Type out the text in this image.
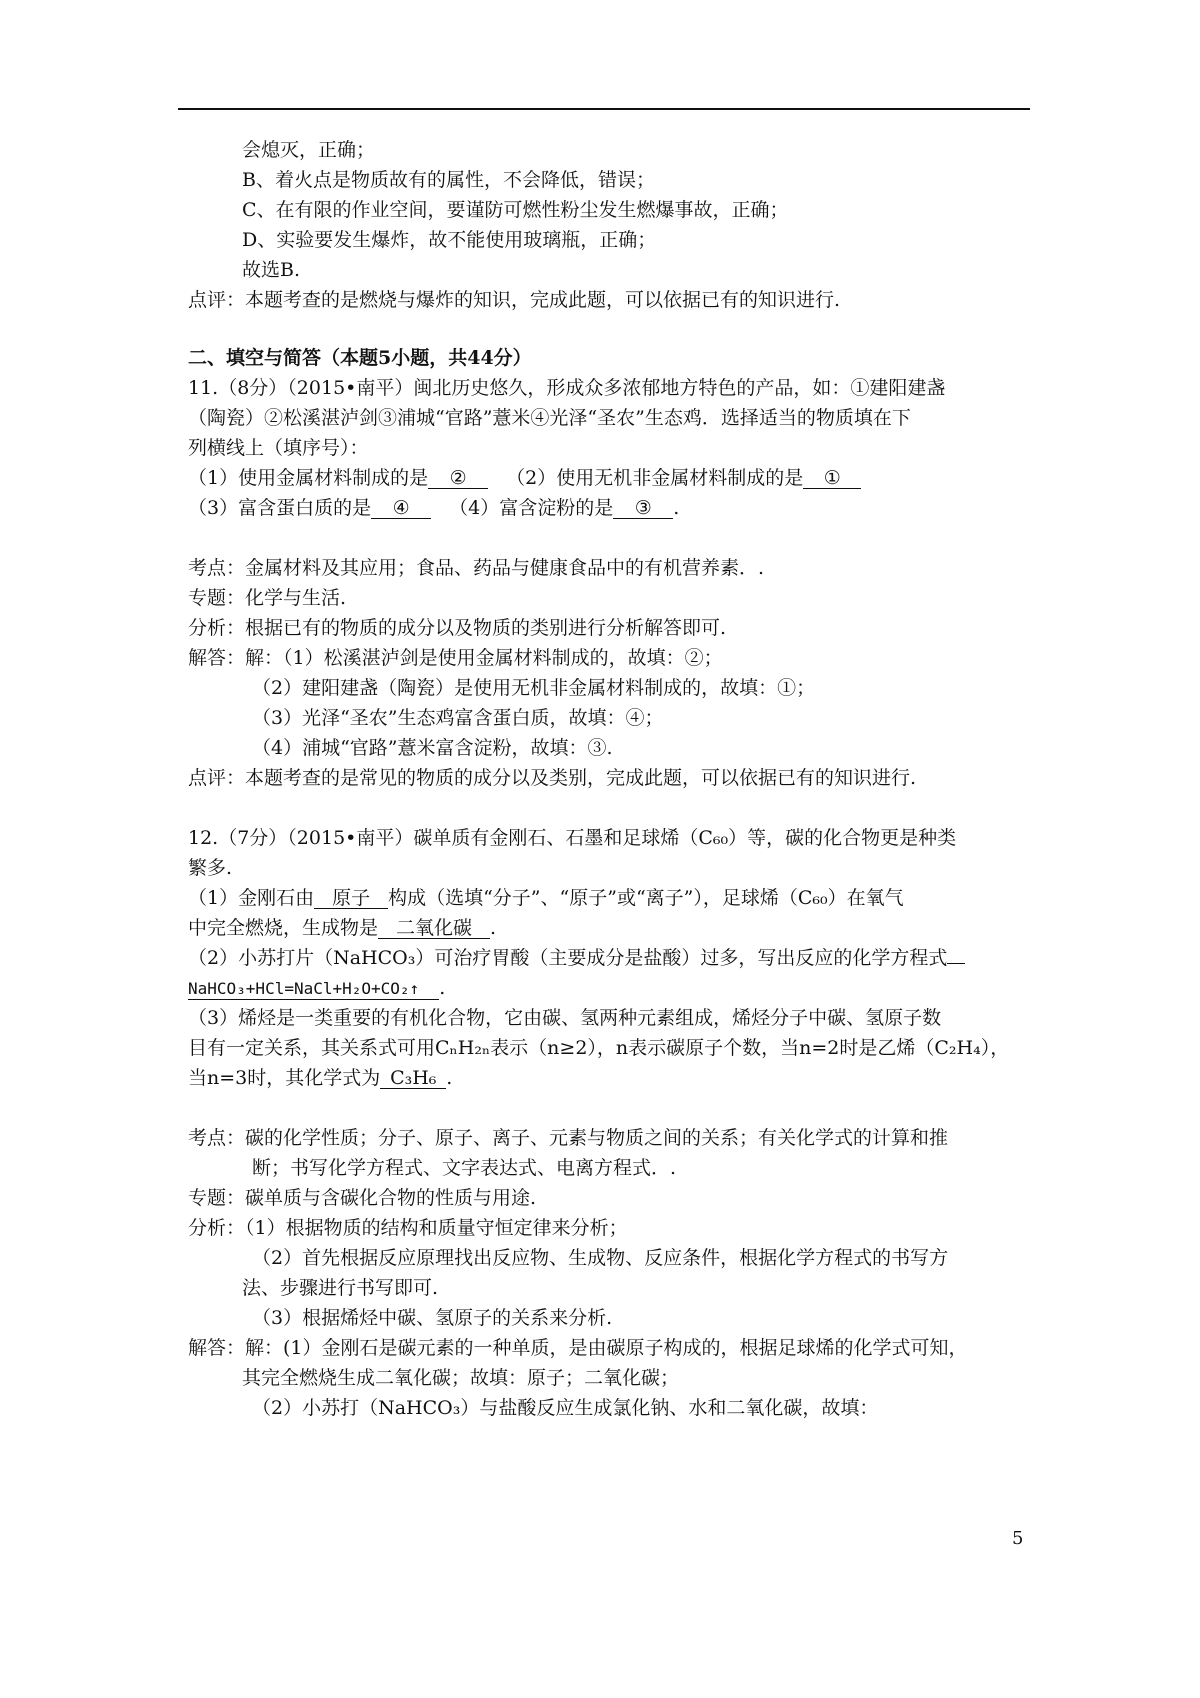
会熄灭，正确；
B、着火点是物质故有的属性，不会降低，错误；
C、在有限的作业空间，要谨防可燃性粉尘发生燃爆事故，正确；
D、实验要发生爆炸，故不能使用玻璃瓶，正确；
故选B.
点评：本题考查的是燃烧与爆炸的知识，完成此题，可以依据已有的知识进行.
二、填空与简答（本题5小题，共44分）
11.（8分）（2015•南平）闽北历史悠久，形成众多浓郁地方特色的产品，如：①建阳建盏
（陶瓷）②松溪湛泸剑③浦城“官路”薏米④光泽“圣农”生态鸡．选择适当的物质填在下
列横线上（填序号）：
（1）使用金属材料制成的是 ② （2）使用无机非金属材料制成的是 ①
（3）富含蛋白质的是 ④ （4）富含淀粉的是 ③ .
考点：金属材料及其应用；食品、药品与健康食品中的有机营养素．.
专题：化学与生活.
分析：根据已有的物质的成分以及物质的类别进行分析解答即可.
解答：解：（1）松溪湛泸剑是使用金属材料制成的，故填：②；
（2）建阳建盏（陶瓷）是使用无机非金属材料制成的，故填：①；
（3）光泽“圣农”生态鸡富含蛋白质，故填：④；
（4）浦城“官路”薏米富含淀粉，故填：③.
点评：本题考查的是常见的物质的成分以及类别，完成此题，可以依据已有的知识进行.
12.（7分）（2015•南平）碳单质有金刚石、石墨和足球烯（C₆₀）等，碳的化合物更是种类
繁多.
（1）金刚石由 原子 构成（选填“分子”、“原子”或“离子”），足球烯（C₆₀）在氧气
中完全燃烧，生成物是 二氧化碳 .
（2）小苏打片（NaHCO₃）可治疗胃酸（主要成分是盐酸）过多，写出反应的化学方程式
NaHCO₃+HCl=NaCl+H₂O+CO₂↑ .
（3）烯烃是一类重要的有机化合物，它由碳、氢两种元素组成，烯烃分子中碳、氢原子数
目有一定关系，其关系式可用CₙH₂ₙ表示（n≥2），n表示碳原子个数，当n=2时是乙烯（C₂H₄），
当n=3时，其化学式为 C₃H₆ .
考点：碳的化学性质；分子、原子、离子、元素与物质之间的关系；有关化学式的计算和推
断；书写化学方程式、文字表达式、电离方程式．.
专题：碳单质与含碳化合物的性质与用途.
分析：（1）根据物质的结构和质量守恒定律来分析；
（2）首先根据反应原理找出反应物、生成物、反应条件，根据化学方程式的书写方
法、步骤进行书写即可.
（3）根据烯烃中碳、氢原子的关系来分析.
解答：解：(1）金刚石是碳元素的一种单质，是由碳原子构成的，根据足球烯的化学式可知，
其完全燃烧生成二氧化碳；故填：原子；二氧化碳；
（2）小苏打（NaHCO₃）与盐酸反应生成氯化钠、水和二氧化碳，故填：
5
